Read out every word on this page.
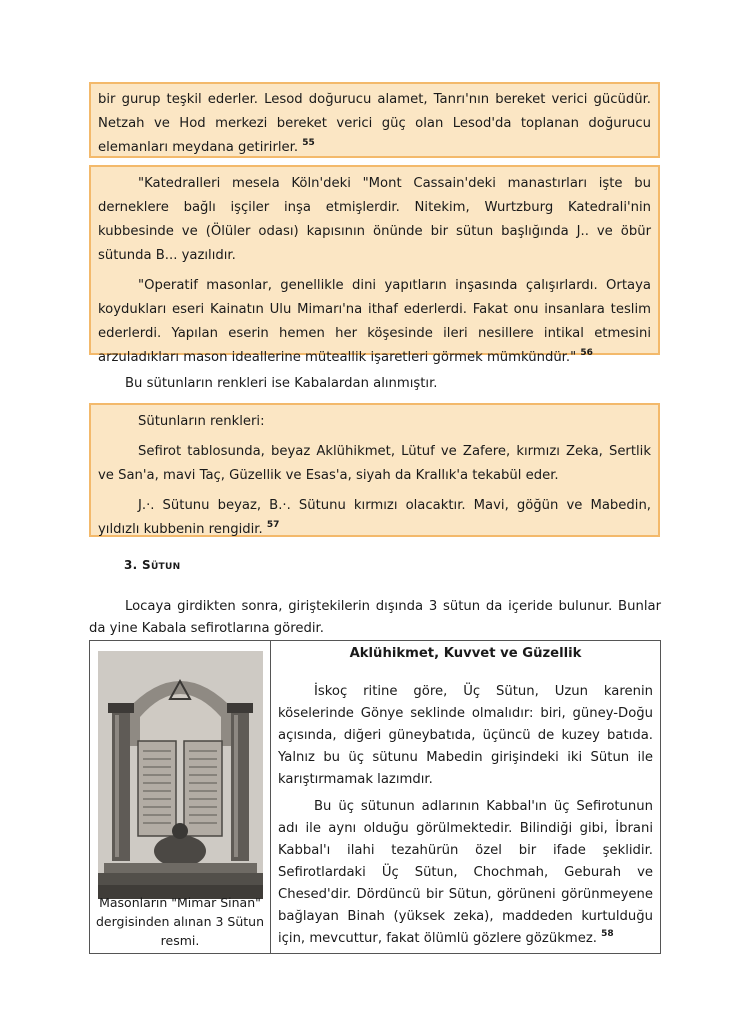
bir gurup teşkil ederler. Lesod doğurucu alamet, Tanrı'nın bereket verici gücüdür. Netzah ve Hod merkezi bereket verici güç olan Lesod'da toplanan doğurucu elemanları meydana getirirler. $^{55}$

"Katedralleri mesela Köln'deki "Mont Cassain'deki manastırları işte bu derneklere bağlı işçiler inşa etmişlerdir. Nitekim, Wurtzburg Katedrali'nin kubbesinde ve (Ölüler odası) kapısının önünde bir sütun başlığında J.. ve öbür sütunda B... yazılıdır.

"Operatif masonlar, genellikle dini yapıtların inşasında çalışırlardı. Ortaya koydukları eseri Kainatın Ulu Mimarı'na ithaf ederlerdi. Fakat onu insanlara teslim ederlerdi. Yapılan eserin hemen her köşesinde ileri nesillere intikal etmesini arzuladıkları mason ideallerine müteallik işaretleri görmek mümkündür." $^{56}$

Bu sütunların renkleri ise Kabalardan alınmıştır.

Sütunların renkleri:

Sefirot tablosunda, beyaz Aklühikmet, Lütuf ve Zafere, kırmızı Zeka, Sertlik ve San'a, mavi Taç, Güzellik ve Esas'a, siyah da Krallık'a tekabül eder.

J.·. Sütunu beyaz, B.·. Sütunu kırmızı olacaktır. Mavi, göğün ve Mabedin, yıldızlı kubbenin rengidir. $^{57}$

3. SÜTUN
Locaya girdikten sonra, giriştekilerin dışında 3 sütun da içeride bulunur. Bunlar da yine Kabala sefirotlarına göredir.
Masonların "Mimar Sinan" dergisinden alınan 3 Sütun resmi.
Aklühikmet, Kuvvet ve Güzellik

İskoç ritine göre, Üç Sütun, Uzun karenin köselerinde Gönye seklinde olmalıdır: biri, güney-Doğu açısında, diğeri güneybatıda, üçüncü de kuzey batıda. Yalnız bu üç sütunu Mabedin girişindeki iki Sütun ile karıştırmamak lazımdır.

Bu üç sütunun adlarının Kabbal'ın üç Sefirotunun adı ile aynı olduğu görülmektedir. Bilindiği gibi, İbrani Kabbal'ı ilahi tezahürün özel bir ifade şeklidir. Sefirotlardaki Üç Sütun, Chochmah, Geburah ve Chesed'dir. Dördüncü bir Sütun, görüneni görünmeyene bağlayan Binah (yüksek zeka), maddeden kurtulduğu için, mevcuttur, fakat ölümlü gözlere gözükmez. $^{58}$
